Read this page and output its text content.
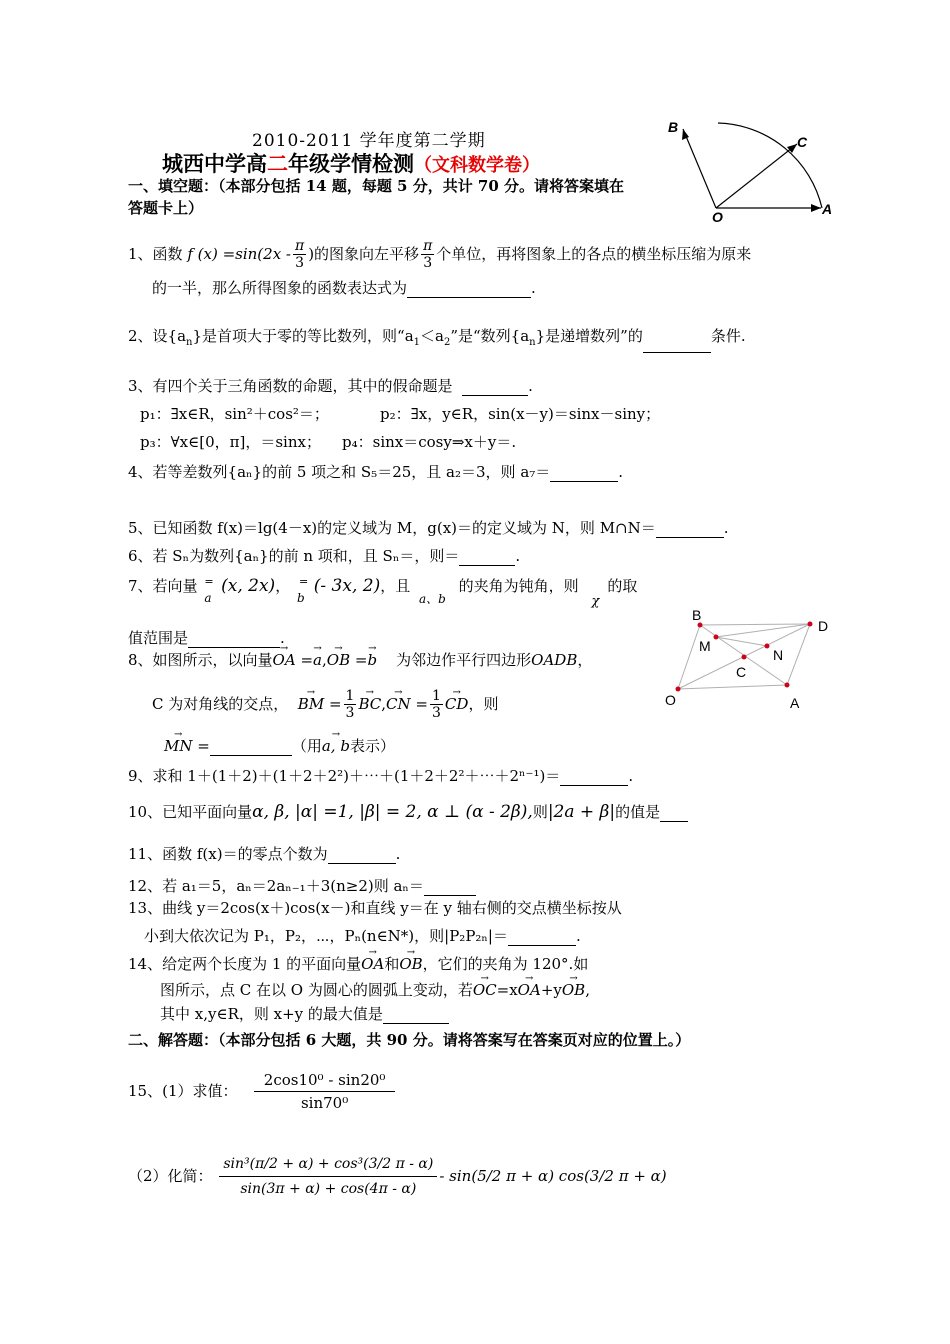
2010-2011 学年度第二学期
城西中学高二年级学情检测（文科数学卷）
B
C
O	A
一、填空题：（本部分包括 14 题，每题 5 分，共计 70 分。请将答案填在
答题卡上）
1、函数
f $(x) =\sin(2x - \frac{\pi}{3}$ )的图象向左平移 $\frac{\pi}{3}$ 个单位，再将图象上的各点的横坐标压缩为原来
的一半，那么所得图象的函数表达式为	.
2、设$\{a_n\}$是首项大于零的等比数列，则“$a_1<a_2$”是“数列$\{a_n\}$是递增数列”的	条件.
3、有四个关于三角函数的命题，其中的假命题是	.
p₁：∃x∈R，sin²＋cos²＝；	p₂：∃x，y∈R，sin(x－y)＝sinx－siny；
p₃：∀x∈[0，π]，＝sinx； p₄：sinx＝cosy⇒x＋y＝.
4、若等差数列{aₙ}的前 5 项之和 S₅＝25，且 a₂＝3，则 a₇＝	.
5、已知函数 f(x)＝lg(4－x)的定义域为 M，g(x)＝的定义域为 N，则 M∩N＝	.
6、若 Sₙ为数列{aₙ}的前 n 项和，且 Sₙ＝，则＝	.
7、若向量 =
a
(x, 2x)， =
b
(- 3x, 2)，且 $_{a、b}$ 的夹角为钝角，则 χ的取
值范围是	.
B
D
M
N
C
O	A
8、如图所示，以向量→ OA =→ a,→ OB =→ b 为邻边作平行四边形OADB，
C 为对角线的交点，
→ BM
= $\frac{1}{3}$ → BC , → CN
= $\frac{1}{3}$ → CD ，则
→ MN =	（用→ a, b表示）
9、求和 1＋(1＋2)＋(1＋2＋2²)＋⋯＋(1＋2＋2²＋⋯＋2ⁿ⁻¹)＝	.
10、已知平面向量α, β, |α| =1, |β| = 2, α ⊥ (α - 2β),则|2a + β|的值是
11、函数 f(x)＝的零点个数为	.
12、若 a₁＝5，aₙ＝2aₙ₋₁＋3(n≥2)则 aₙ＝
13、曲线 y＝2cos(x＋)cos(x－)和直线 y＝在 y 轴右侧的交点横坐标按从
小到大依次记为 P₁，P₂，⋯，Pₙ(n∈N*)，则|P₂P₂ₙ|＝	.
14、给定两个长度为 1 的平面向量→ OA和→ OB，它们的夹角为 120°.如
图所示，点 C 在以 O 为圆心的圆弧上变动，若→ OC=x→ OA+y→ OB,
其中 x,y∈R，则 x+y 的最大值是
二、解答题：（本部分包括 6 大题，共 90 分。请将答案写在答案页对应的位置上。）
15、(1）求值：
$\frac{\text{2cos10⁰ - sin20⁰}}{\text{sin70⁰}}$
（2）化简：
$\frac{\text{sin³(π/2 + α) + cos³(3/2 π - α)}}{\sin(3\pi + \alpha) + \cos(4\pi - \alpha)} - \sin(5/2$ π + α) cos(3/2 π + α)
